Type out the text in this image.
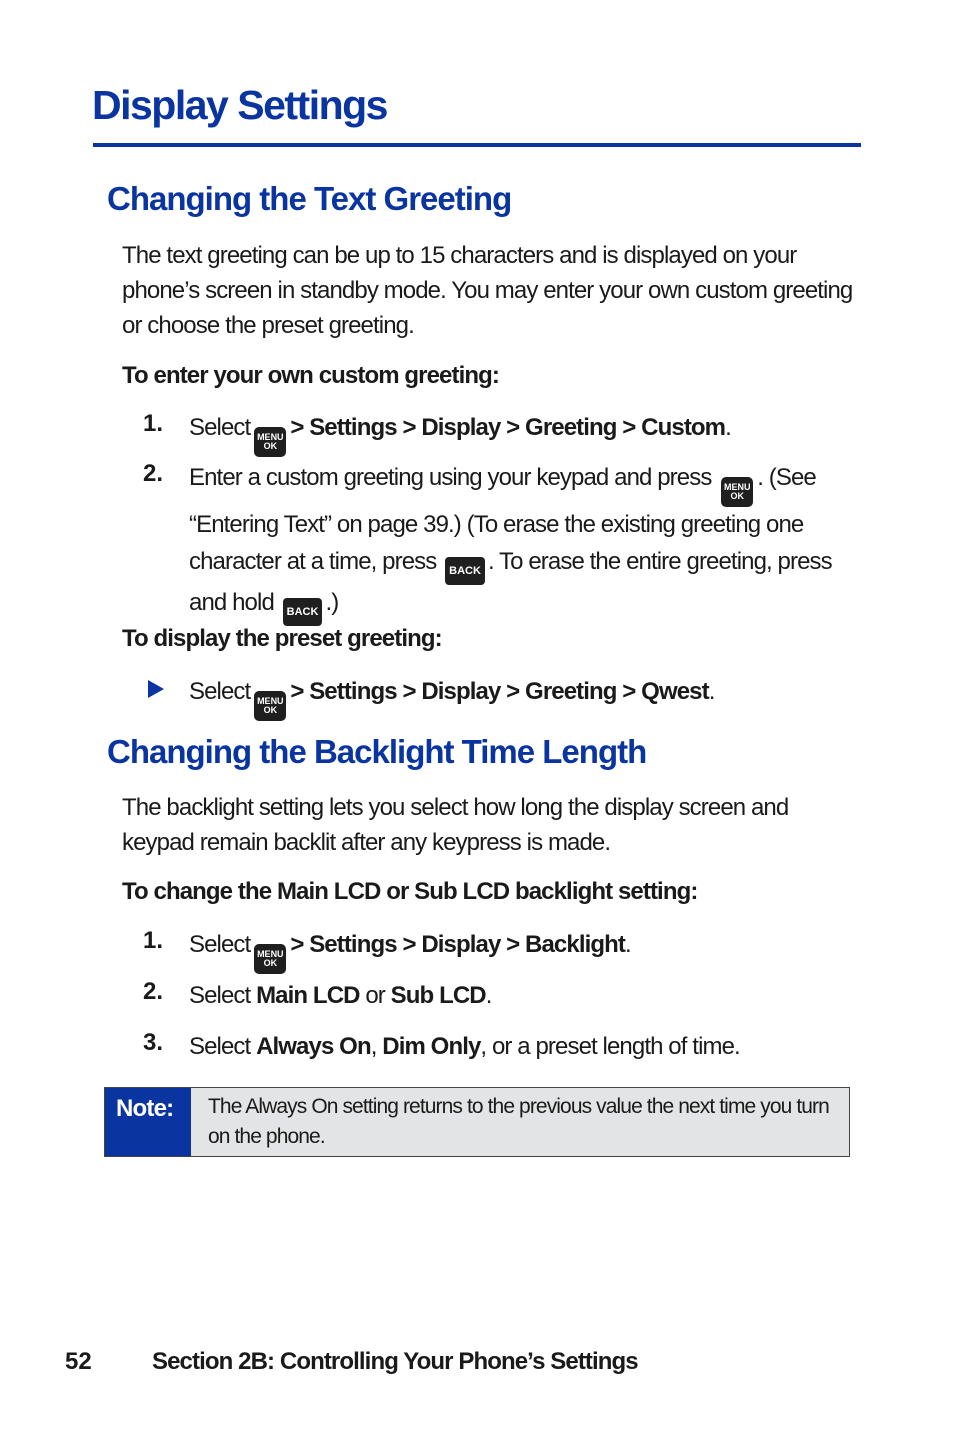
Display Settings
Changing the Text Greeting

The text greeting can be up to 15 characters and is displayed on your phone’s screen in standby mode. You may enter your own custom greeting or choose the preset greeting.

To enter your own custom greeting:

1. Select MENU
OK
> Settings > Display > Greeting > Custom.
2. Enter a custom greeting using your keypad and press MENU
OK
. (See “Entering Text” on page 39.) (To erase the existing greeting one character at a time, press BACK . To erase the entire greeting, press and hold BACK .)

To display the preset greeting:

Select MENU
OK
> Settings > Display > Greeting > Qwest.
Changing the Backlight Time Length

The backlight setting lets you select how long the display screen and keypad remain backlit after any keypress is made.

To change the Main LCD or Sub LCD backlight setting:

1. Select MENU
OK
> Settings > Display > Backlight.
2. Select Main LCD or Sub LCD.
3. Select Always On, Dim Only, or a preset length of time.
Note:	The Always On setting returns to the previous value the next time you turn on the phone.
52	Section 2B: Controlling Your Phone’s Settings
